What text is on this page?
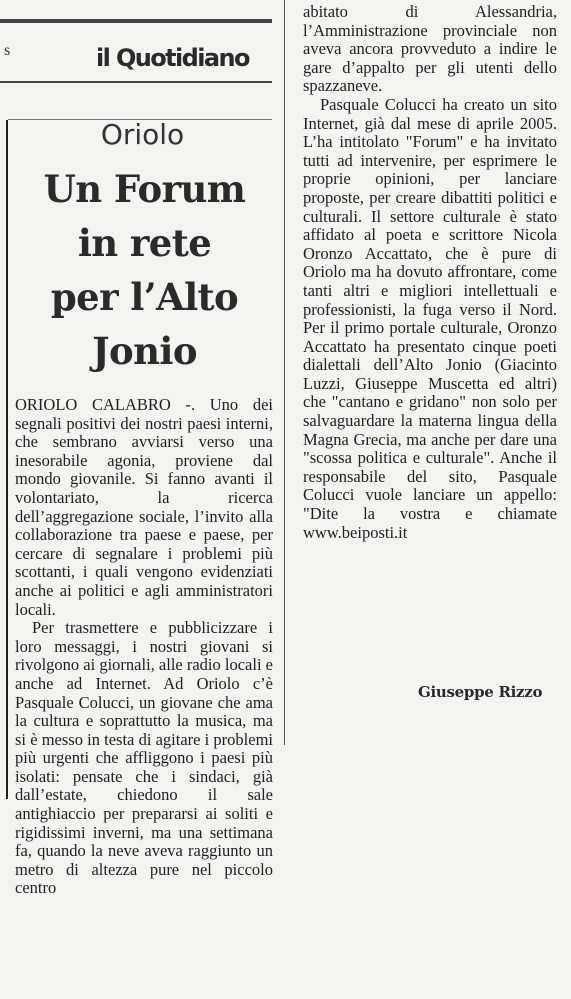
s	il Quotidiano
Oriolo
Un Forum
in rete
per l’Alto
Jonio

ORIOLO CALABRO -. Uno dei segnali positivi dei nostri paesi interni, che sembrano avviarsi verso una inesorabile agonia, proviene dal mondo giovanile. Si fanno avanti il volontariato, la ricerca dell’aggregazione sociale, l’invito alla collaborazione tra paese e paese, per cercare di segnalare i problemi più scottanti, i quali vengono evidenziati anche ai politici e agli amministratori locali.

Per trasmettere e pubblicizzare i loro messaggi, i nostri giovani si rivolgono ai giornali, alle radio locali e anche ad Internet. Ad Oriolo c’è Pasquale Colucci, un giovane che ama la cultura e soprattutto la musica, ma si è messo in testa di agitare i problemi più urgenti che affliggono i paesi più isolati: pensate che i sindaci, già dall’estate, chiedono il sale antighiaccio per prepararsi ai soliti e rigidissimi inverni, ma una settimana fa, quando la neve aveva raggiunto un metro di altezza pure nel piccolo centro

abitato di Alessandria, l’Amministrazione provinciale non aveva ancora provveduto a indire le gare d’appalto per gli utenti dello spazzaneve.

Pasquale Colucci ha creato un sito Internet, già dal mese di aprile 2005. L’ha intitolato "Forum" e ha invitato tutti ad intervenire, per esprimere le proprie opinioni, per lanciare proposte, per creare dibattiti politici e culturali. Il settore culturale è stato affidato al poeta e scrittore Nicola Oronzo Accattato, che è pure di Oriolo ma ha dovuto affrontare, come tanti altri e migliori intellettuali e professionisti, la fuga verso il Nord. Per il primo portale culturale, Oronzo Accattato ha presentato cinque poeti dialettali dell’Alto Jonio (Giacinto Luzzi, Giuseppe Muscetta ed altri) che "cantano e gridano" non solo per salvaguardare la materna lingua della Magna Grecia, ma anche per dare una "scossa politica e culturale". Anche il responsabile del sito, Pasquale Colucci vuole lanciare un appello: "Dite la vostra e chiamate www.beiposti.it

Giuseppe Rizzo
